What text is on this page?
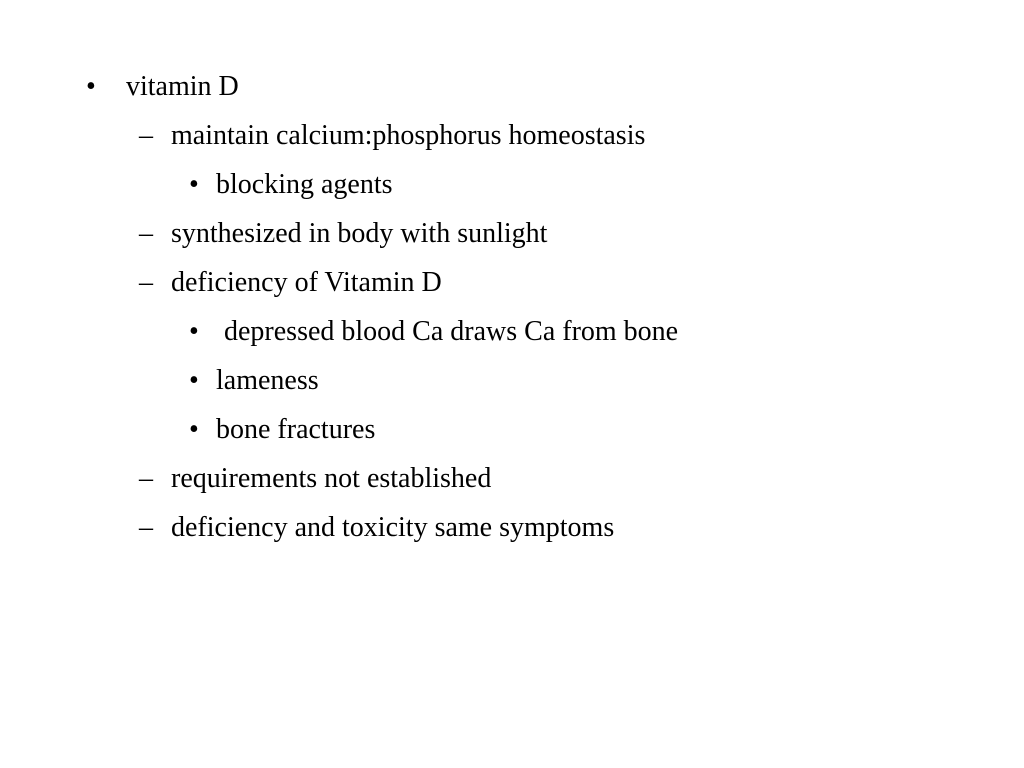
• vitamin D
– maintain calcium:phosphorus homeostasis
• blocking agents
– synthesized in body with sunlight
– deficiency of Vitamin D
• depressed blood Ca draws Ca from bone
• lameness
• bone fractures
– requirements not established
– deficiency and toxicity same symptoms
